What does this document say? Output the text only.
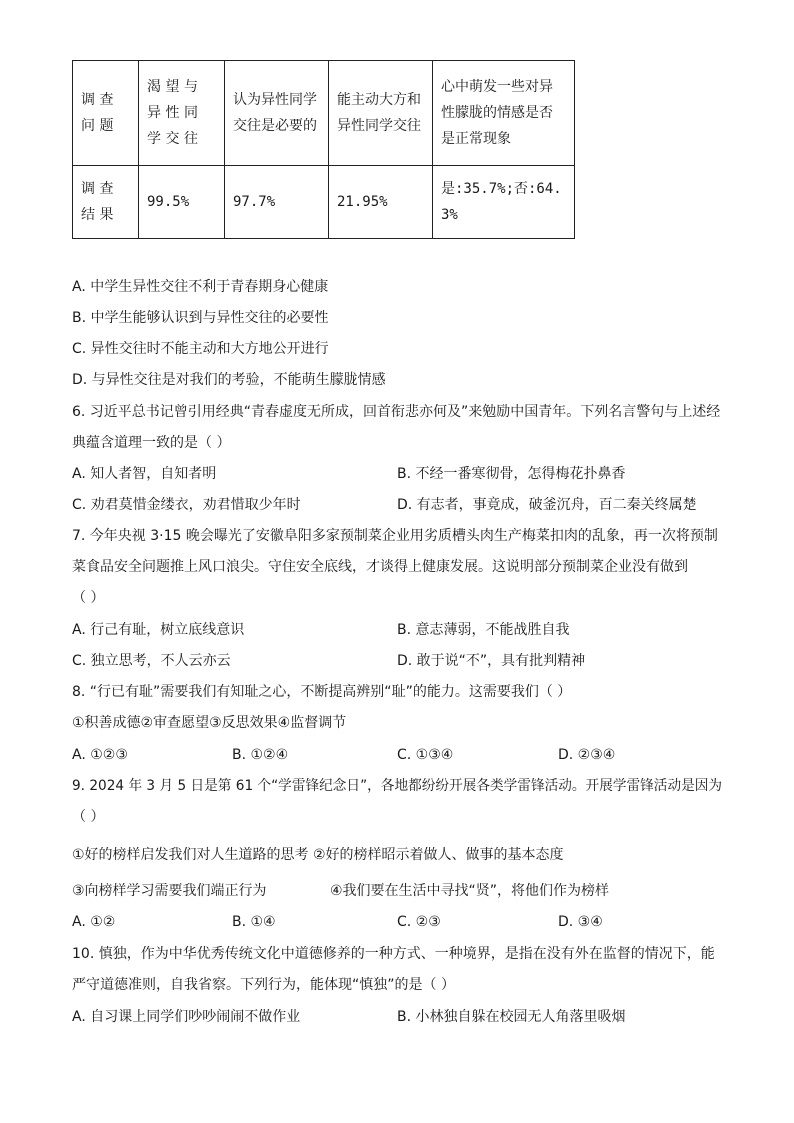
调查问题	渴望与异性同学交往	认为异性同学交往是必要的	能主动大方和异性同学交往	心中萌发一些对异性朦胧的情感是否是正常现象
调查结果	99.5%	97.7%	21.95%	是:35.7%;否:64.3%
A. 中学生异性交往不利于青春期身心健康
B. 中学生能够认识到与异性交往的必要性
C. 异性交往时不能主动和大方地公开进行
D. 与异性交往是对我们的考验，不能萌生朦胧情感
6. 习近平总书记曾引用经典“青春虚度无所成，回首衔悲亦何及”来勉励中国青年。下列名言警句与上述经
典蕴含道理一致的是（ ）
A. 知人者智，自知者明	B. 不经一番寒彻骨，怎得梅花扑鼻香
C. 劝君莫惜金缕衣，劝君惜取少年时	D. 有志者，事竟成，破釜沉舟，百二秦关终属楚
7. 今年央视 3·15 晚会曝光了安徽阜阳多家预制菜企业用劣质槽头肉生产梅菜扣肉的乱象，再一次将预制
菜食品安全问题推上风口浪尖。守住安全底线，才谈得上健康发展。这说明部分预制菜企业没有做到
（ ）
A. 行己有耻，树立底线意识	B. 意志薄弱，不能战胜自我
C. 独立思考，不人云亦云	D. 敢于说“不”，具有批判精神
8. “行已有耻”需要我们有知耻之心，不断提高辨别“耻”的能力。这需要我们（ ）
①积善成德②审查愿望③反思效果④监督调节
A. ①②③	B. ①②④	C. ①③④	D. ②③④
9. 2024 年 3 月 5 日是第 61 个“学雷锋纪念日”，各地都纷纷开展各类学雷锋活动。开展学雷锋活动是因为
（ ）
①好的榜样启发我们对人生道路的思考 ②好的榜样昭示着做人、做事的基本态度
③向榜样学习需要我们端正行为	④我们要在生活中寻找“贤”，将他们作为榜样
A. ①②	B. ①④	C. ②③	D. ③④
10. 慎独，作为中华优秀传统文化中道德修养的一种方式、一种境界，是指在没有外在监督的情况下，能
严守道德准则，自我省察。下列行为，能体现“慎独”的是（ ）
A. 自习课上同学们吵吵闹闹不做作业	B. 小林独自躲在校园无人角落里吸烟
